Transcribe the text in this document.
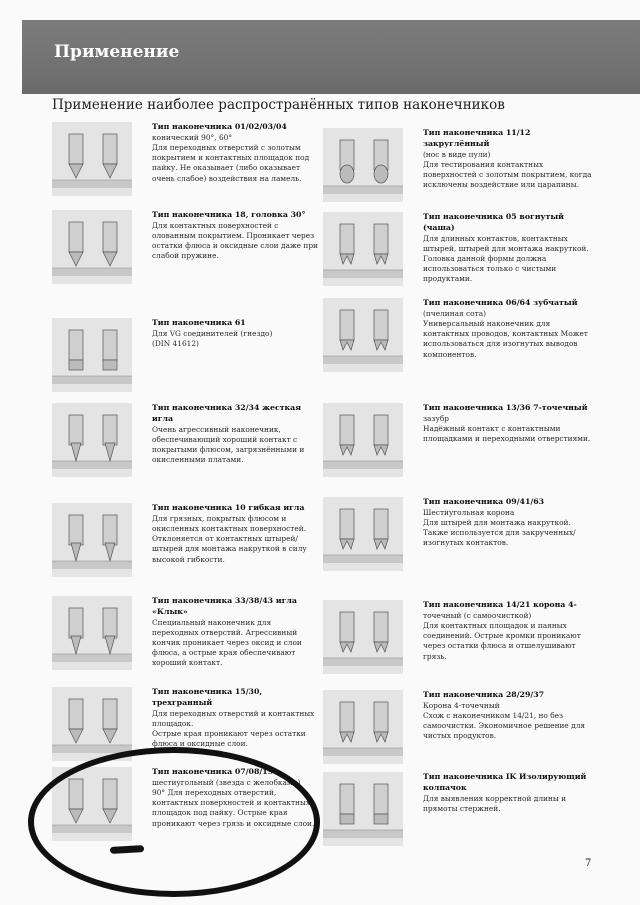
Применение
Применение наиболее распространённых типов наконечников
Тип наконечника 01/02/03/04
конический 90°, 60°
Для переходных отверстий с золотым покрытием и контактных площадок под пайку. Не оказывает (либо оказывает очень слабое) воздействия на ламель.
Тип наконечника 18, головка 30°
Для контактных поверхностей с олованным покрытием. Проникает через остатки флюса и оксидные слои даже при слабой пружине.
Тип наконечника 61
Для VG соединителей (гнездо)
(DIN 41612)
Тип наконечника 32/34 жесткая игла
Очень агрессивный наконечник, обеспечивающий хороший контакт с покрытыми флюсом, загрязнёнными и окисленными платами.
Тип наконечника 10 гибкая игла
Для грязных, покрытых флюсом и окисленных контактных поверхностей. Отклоняется от контактных штырей/штырей для монтажа накруткой в силу высокой гибкости.
Тип наконечника 33/38/43 игла «Клык»
Специальный наконечник для переходных отверстий. Агрессивный кончик проникает через оксид и слои флюса, а острые края обеспечивают хороший контакт.
Тип наконечника 15/30, трехгранный
Для переходных отверстий и контактных площадок.
Острые края проникают через остатки флюса и оксидные слои.
Тип наконечника 07/08/19
шестиугольный (звезда с желобками)
90° Для переходных отверстий, контактных поверхностей и контактных площадок под пайку. Острые края проникают через грязь и оксидные слои.
Тип наконечника 11/12 закруглённый
(нос в виде пули)
Для тестирования контактных поверхностей с золотым покрытием, когда исключены воздействие или царапины.
Тип наконечника 05 вогнутый (чаша)
Для длинных контактов, контактных штырей, штырей для монтажа накруткой. Головка данной формы должна использоваться только с чистыми продуктами.
Тип наконечника 06/64 зубчатый
(пчелиная сота)
Универсальный наконечник для контактных проводов, контактных Может использоваться для изогнутых выводов компонентов.
Тип наконечника 13/36 7-точечный
зазубр
Надёжный контакт с контактными площадками и переходными отверстиями.
Тип наконечника 09/41/63
Шестиугольная корона
Для штырей для монтажа накруткой. Также используется для закрученных/изогнутых контактов.
Тип наконечника 14/21 корона 4-
точечный (с самоочисткой)
Для контактных площадок и паяных соединений. Острые кромки проникают через остатки флюса и отшелушивают грязь.
Тип наконечника 28/29/37
Корона 4-точечный
Схож с наконечником 14/21, но без самоочистки. Экономичное решение для чистых продуктов.
Тип наконечника IK Изолирующий колпачок
Для выявления корректной длины и прямоты стержней.
7
